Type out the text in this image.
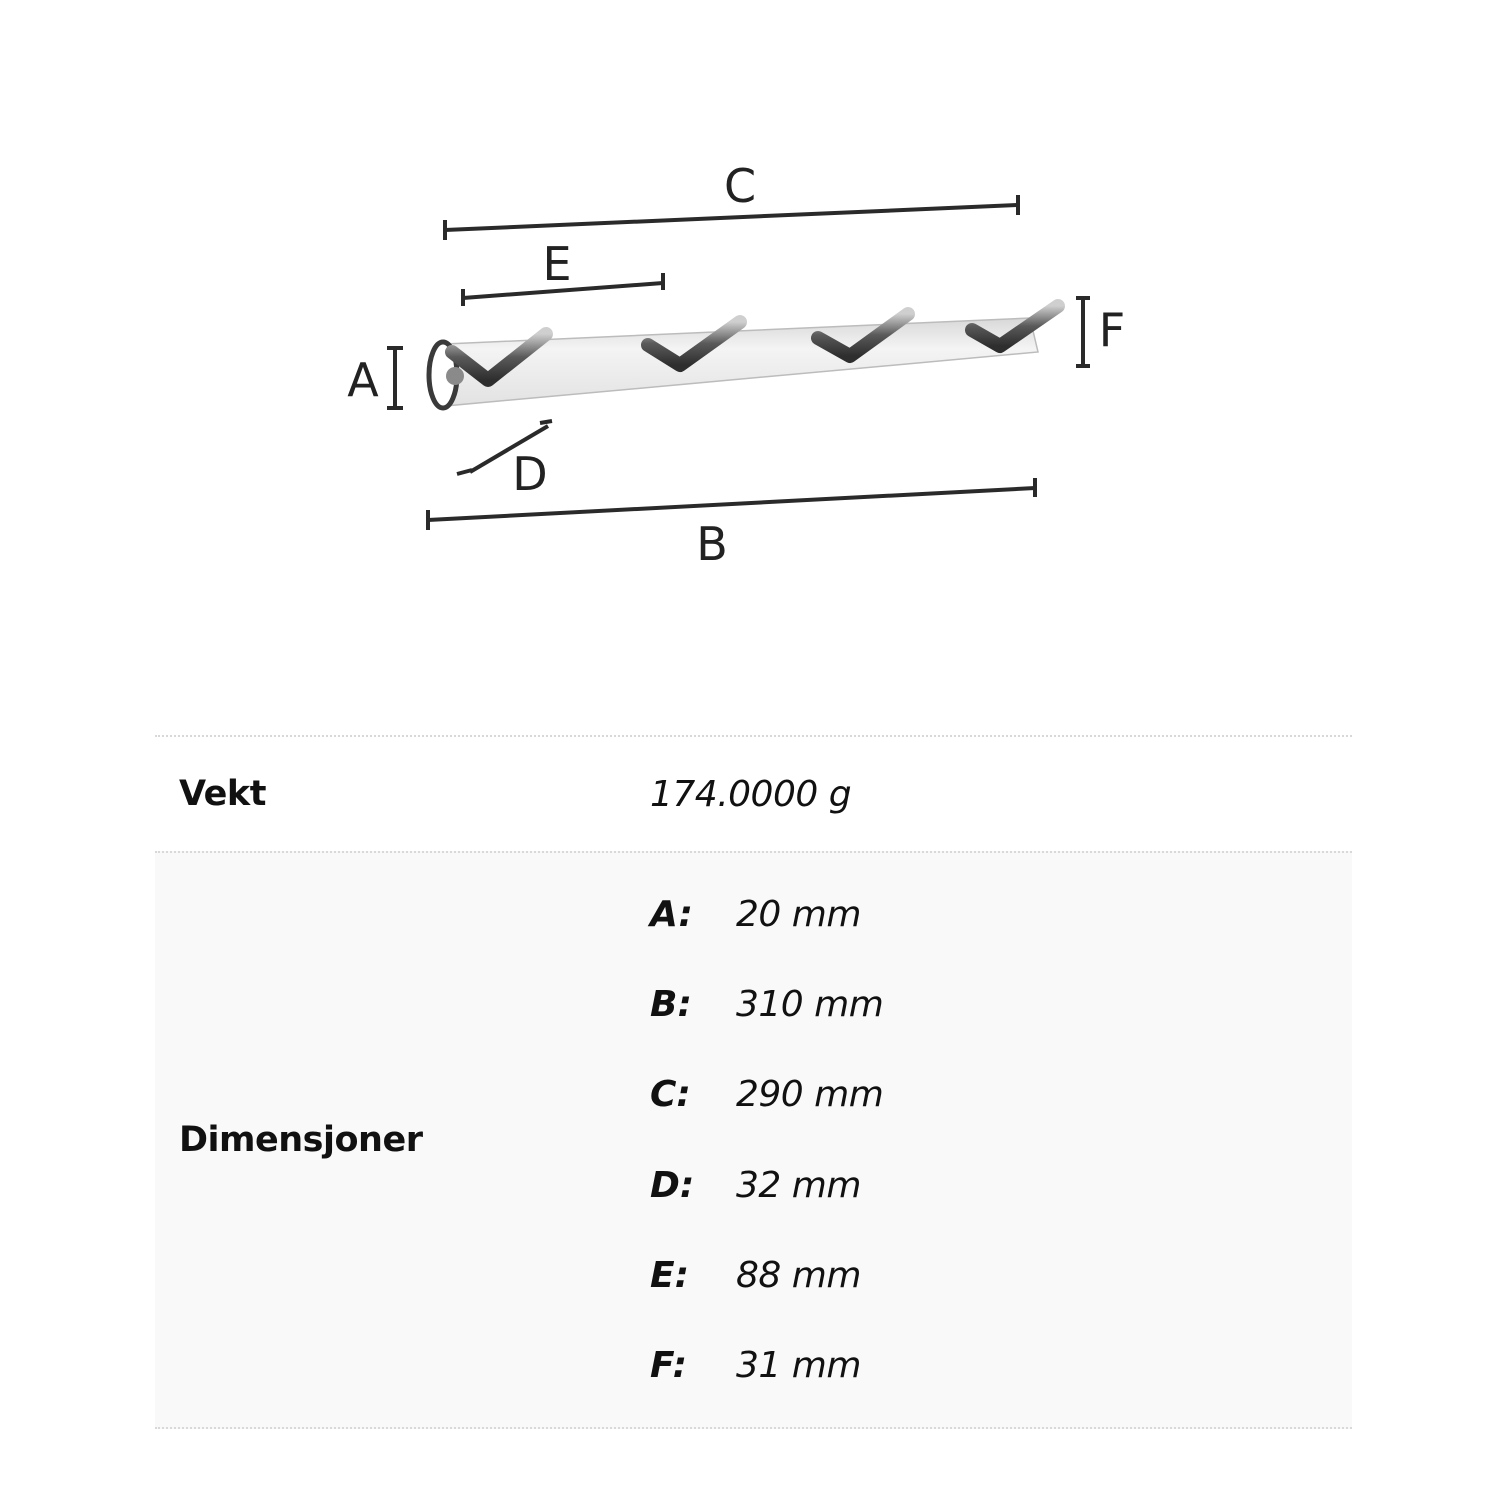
C
E
A
F
D
B
Vekt	174.0000 g
Dimensjoner
A:	20 mm
B:	310 mm
C:	290 mm
D:	32 mm
E:	88 mm
F:	31 mm
